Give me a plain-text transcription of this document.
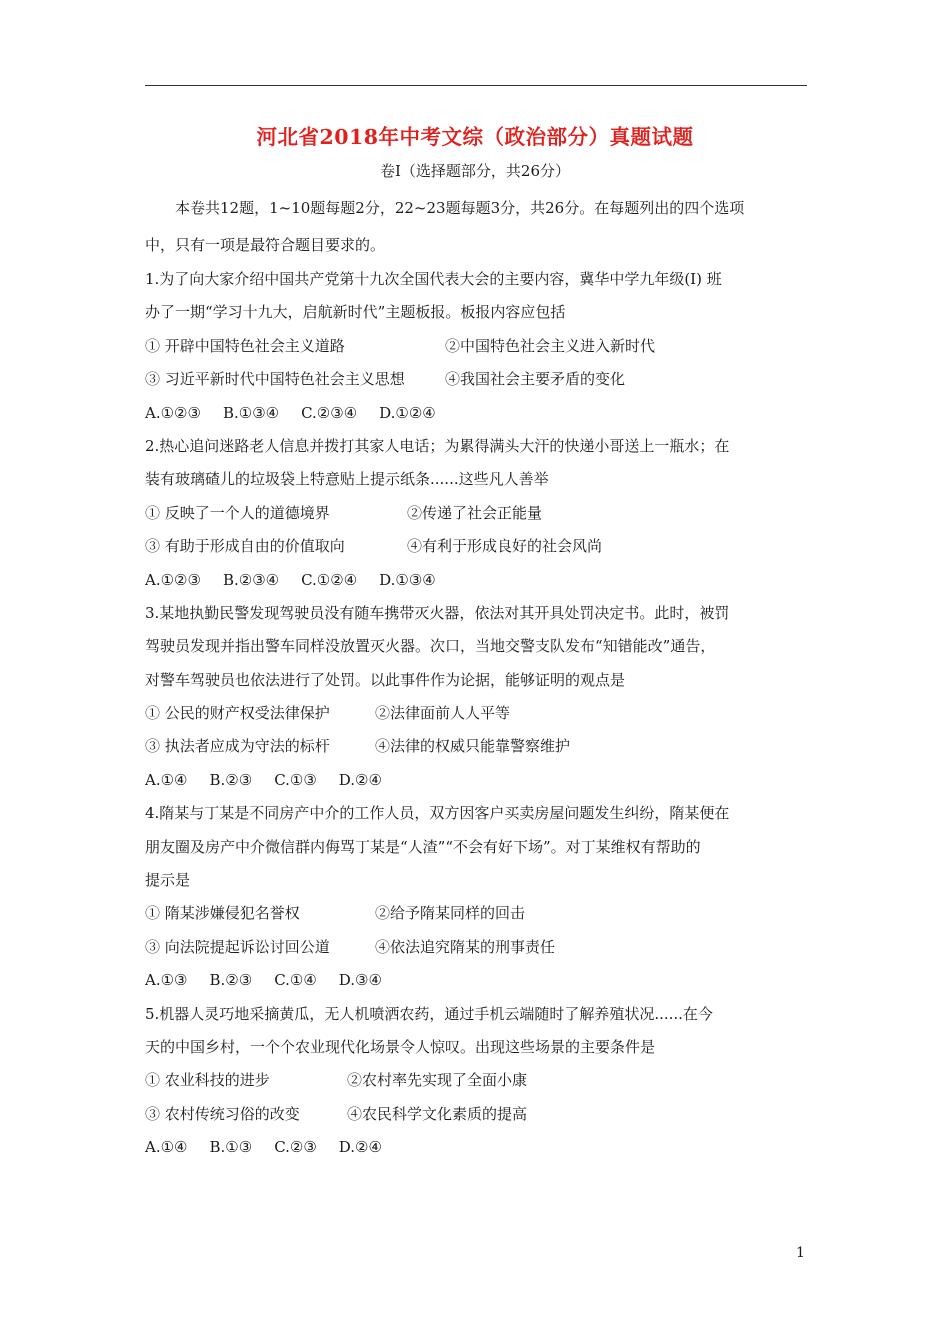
河北省2018年中考文综（政治部分）真题试题
卷Ⅰ（选择题部分，共26分）
本卷共12题，1~10题每题2分，22~23题每题3分，共26分。在每题列出的四个选项
中，只有一项是最符合题目要求的。
1.为了向大家介绍中国共产党第十九次全国代表大会的主要内容，冀华中学九年级(I) 班
办了一期“学习十九大，启航新时代”主题板报。板报内容应包括
① 开辟中国特色社会主义道路	②中国特色社会主义进入新时代
③ 习近平新时代中国特色社会主义思想	④我国社会主要矛盾的变化
A.①②③ B.①③④ C.②③④ D.①②④
2.热心追问迷路老人信息并拨打其家人电话；为累得满头大汗的快递小哥送上一瓶水；在
装有玻璃碴儿的垃圾袋上特意贴上提示纸条......这些凡人善举
① 反映了一个人的道德境界	②传递了社会正能量
③ 有助于形成自由的价值取向	④有利于形成良好的社会风尚
A.①②③ B.②③④ C.①②④ D.①③④
3.某地执勤民警发现驾驶员没有随车携带灭火器，依法对其开具处罚决定书。此时，被罚
驾驶员发现并指出警车同样没放置灭火器。次口，当地交警支队发布“知错能改”通告，
对警车驾驶员也依法进行了处罚。以此事件作为论据，能够证明的观点是
① 公民的财产权受法律保护	②法律面前人人平等
③ 执法者应成为守法的标杆	④法律的权威只能靠警察维护
A.①④ B.②③ C.①③ D.②④
4.隋某与丁某是不同房产中介的工作人员，双方因客户买卖房屋问题发生纠纷，隋某便在
朋友圈及房产中介微信群内侮骂丁某是“人渣”“不会有好下场”。对丁某维权有帮助的
提示是
① 隋某涉嫌侵犯名誉权	②给予隋某同样的回击
③ 向法院提起诉讼讨回公道	④依法追究隋某的刑事责任
A.①③ B.②③ C.①④ D.③④
5.机器人灵巧地采摘黄瓜，无人机喷洒农药，通过手机云端随时了解养殖状况......在今
天的中国乡村，一个个农业现代化场景令人惊叹。出现这些场景的主要条件是
① 农业科技的进步	②农村率先实现了全面小康
③ 农村传统习俗的改变	④农民科学文化素质的提高
A.①④ B.①③ C.②③ D.②④
1
